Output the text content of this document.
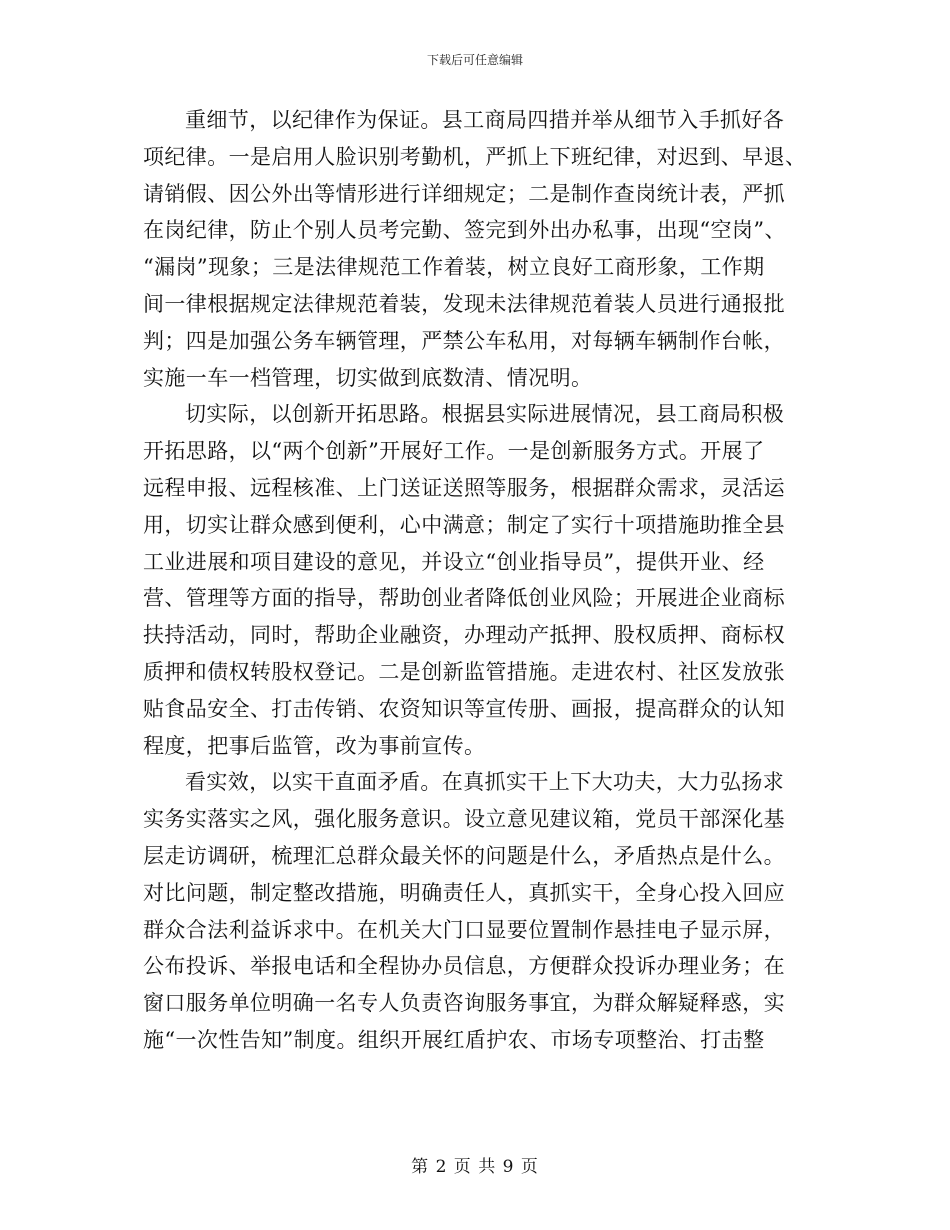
下载后可任意编辑
重细节，以纪律作为保证。县工商局四措并举从细节入手抓好各
项纪律。一是启用人脸识别考勤机，严抓上下班纪律，对迟到、早退、
请销假、因公外出等情形进行详细规定；二是制作查岗统计表，严抓
在岗纪律，防止个别人员考完勤、签完到外出办私事，出现“空岗”、
“漏岗”现象；三是法律规范工作着装，树立良好工商形象，工作期
间一律根据规定法律规范着装，发现未法律规范着装人员进行通报批
判；四是加强公务车辆管理，严禁公车私用，对每辆车辆制作台帐，
实施一车一档管理，切实做到底数清、情况明。
切实际，以创新开拓思路。根据县实际进展情况，县工商局积极
开拓思路，以“两个创新”开展好工作。一是创新服务方式。开展了
远程申报、远程核准、上门送证送照等服务，根据群众需求，灵活运
用，切实让群众感到便利，心中满意；制定了实行十项措施助推全县
工业进展和项目建设的意见，并设立“创业指导员”，提供开业、经
营、管理等方面的指导，帮助创业者降低创业风险；开展进企业商标
扶持活动，同时，帮助企业融资，办理动产抵押、股权质押、商标权
质押和债权转股权登记。二是创新监管措施。走进农村、社区发放张
贴食品安全、打击传销、农资知识等宣传册、画报，提高群众的认知
程度，把事后监管，改为事前宣传。
看实效，以实干直面矛盾。在真抓实干上下大功夫，大力弘扬求
实务实落实之风，强化服务意识。设立意见建议箱，党员干部深化基
层走访调研，梳理汇总群众最关怀的问题是什么，矛盾热点是什么。
对比问题，制定整改措施，明确责任人，真抓实干，全身心投入回应
群众合法利益诉求中。在机关大门口显要位置制作悬挂电子显示屏，
公布投诉、举报电话和全程协办员信息，方便群众投诉办理业务；在
窗口服务单位明确一名专人负责咨询服务事宜，为群众解疑释惑，实
施“一次性告知”制度。组织开展红盾护农、市场专项整治、打击整
第 2 页 共 9 页
